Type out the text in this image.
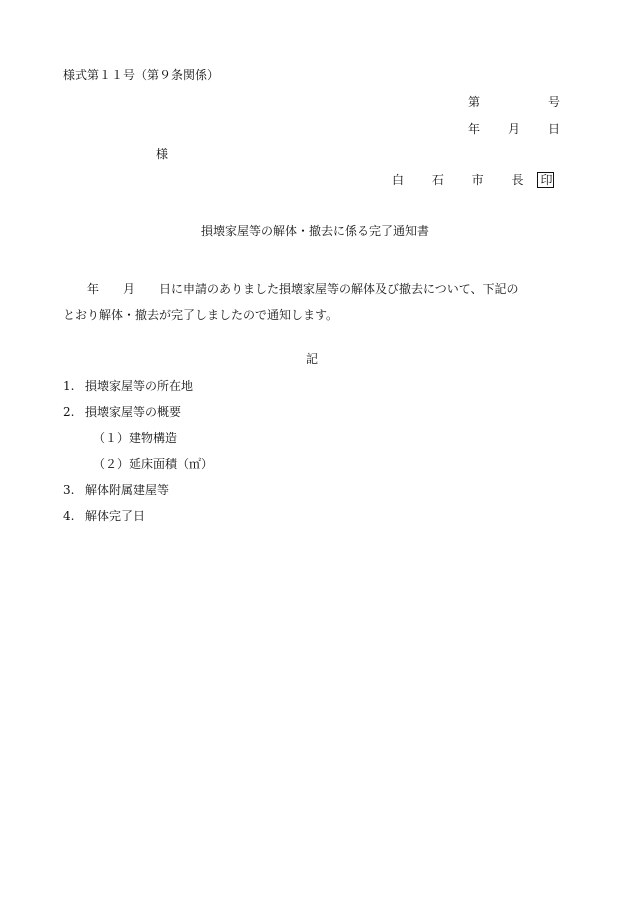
様式第１１号（第９条関係）
第	号
年 月 日
様
白 石 市 長 印
損壊家屋等の解体・撤去に係る完了通知書
　　年　　月　　日に申請のありました損壊家屋等の解体及び撤去について、下記の
とおり解体・撤去が完了しましたので通知します。
記
1. 損壊家屋等の所在地
2. 損壊家屋等の概要
（１）建物構造
（２）延床面積（㎡）
3. 解体附属建屋等
4. 解体完了日
